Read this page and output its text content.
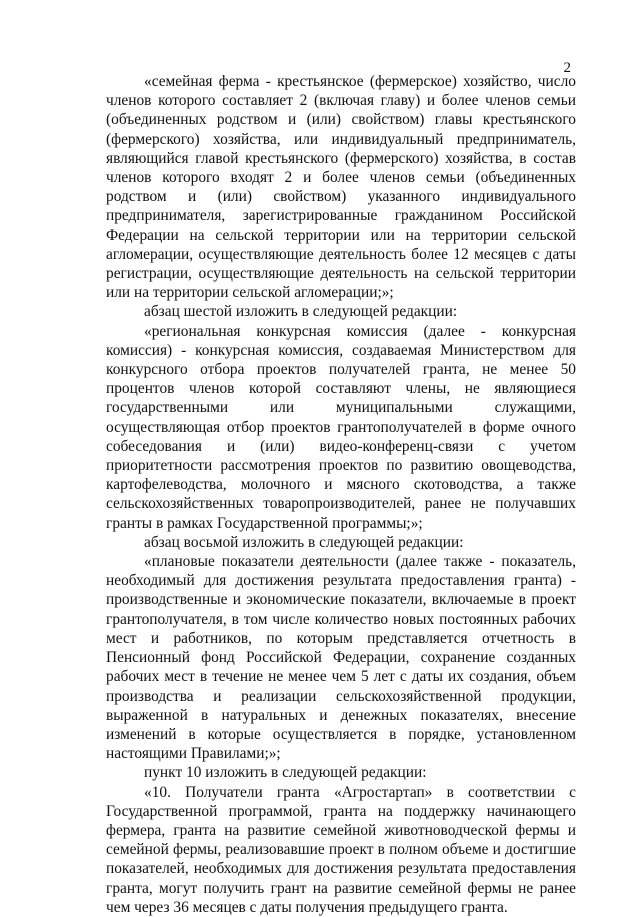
2

«семейная ферма - крестьянское (фермерское) хозяйство, число членов которого составляет 2 (включая главу) и более членов семьи (объединенных родством и (или) свойством) главы крестьянского (фермерского) хозяйства, или индивидуальный предприниматель, являющийся главой крестьянского (фермерского) хозяйства, в состав членов которого входят 2 и более членов семьи (объединенных родством и (или) свойством) указанного индивидуального предпринимателя, зарегистрированные гражданином Российской Федерации на сельской территории или на территории сельской агломерации, осуществляющие деятельность более 12 месяцев с даты регистрации, осуществляющие деятельность на сельской территории или на территории сельской агломерации;»;

абзац шестой изложить в следующей редакции:

«региональная конкурсная комиссия (далее - конкурсная комиссия) - конкурсная комиссия, создаваемая Министерством для конкурсного отбора проектов получателей гранта, не менее 50 процентов членов которой составляют члены, не являющиеся государственными или муниципальными служащими, осуществляющая отбор проектов грантополучателей в форме очного собеседования и (или) видео-конференц-связи с учетом приоритетности рассмотрения проектов по развитию овощеводства, картофелеводства, молочного и мясного скотоводства, а также сельскохозяйственных товаропроизводителей, ранее не получавших гранты в рамках Государственной программы;»;

абзац восьмой изложить в следующей редакции:

«плановые показатели деятельности (далее также - показатель, необходимый для достижения результата предоставления гранта) - производственные и экономические показатели, включаемые в проект грантополучателя, в том числе количество новых постоянных рабочих мест и работников, по которым представляется отчетность в Пенсионный фонд Российской Федерации, сохранение созданных рабочих мест в течение не менее чем 5 лет с даты их создания, объем производства и реализации сельскохозяйственной продукции, выраженной в натуральных и денежных показателях, внесение изменений в которые осуществляется в порядке, установленном настоящими Правилами;»;

пункт 10 изложить в следующей редакции:

«10. Получатели гранта «Агростартап» в соответствии с Государственной программой, гранта на поддержку начинающего фермера, гранта на развитие семейной животноводческой фермы и семейной фермы, реализовавшие проект в полном объеме и достигшие показателей, необходимых для достижения результата предоставления гранта, могут получить грант на развитие семейной фермы не ранее чем через 36 месяцев с даты получения предыдущего гранта.
